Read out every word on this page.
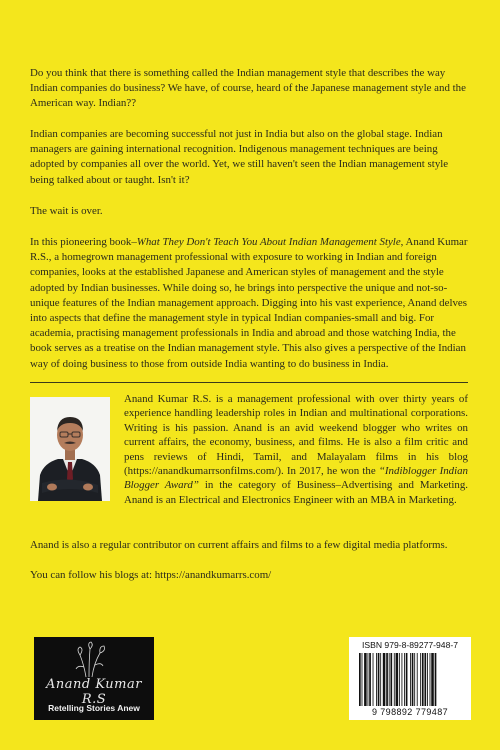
Do you think that there is something called the Indian management style that describes the way Indian companies do business? We have, of course, heard of the Japanese management style and the American way. Indian??

Indian companies are becoming successful not just in India but also on the global stage. Indian managers are gaining international recognition. Indigenous management techniques are being adopted by companies all over the world. Yet, we still haven't seen the Indian management style being talked about or taught. Isn't it?

The wait is over.

In this pioneering book–What They Don't Teach You About Indian Management Style, Anand Kumar R.S., a homegrown management professional with exposure to working in Indian and foreign companies, looks at the established Japanese and American styles of management and the style adopted by Indian businesses. While doing so, he brings into perspective the unique and not-so-unique features of the Indian management approach. Digging into his vast experience, Anand delves into aspects that define the management style in typical Indian companies-small and big. For academia, practising management professionals in India and abroad and those watching India, the book serves as a treatise on the Indian management style. This also gives a perspective of the Indian way of doing business to those from outside India wanting to do business in India.

Anand Kumar R.S. is a management professional with over thirty years of experience handling leadership roles in Indian and multinational corporations. Writing is his passion. Anand is an avid weekend blogger who writes on current affairs, the economy, business, and films. He is also a film critic and pens reviews of Hindi, Tamil, and Malayalam films in his blog (https://anandkumarrsonfilms.com/). In 2017, he won the “Indiblogger Indian Blogger Award” in the category of Business–Advertising and Marketing. Anand is an Electrical and Electronics Engineer with an MBA in Marketing.

Anand is also a regular contributor on current affairs and films to a few digital media platforms.

You can follow his blogs at: https://anandkumarrs.com/

Anand Kumar R.S
Retelling Stories Anew
ISBN 979-8-89277-948-7
9 798892 779487
